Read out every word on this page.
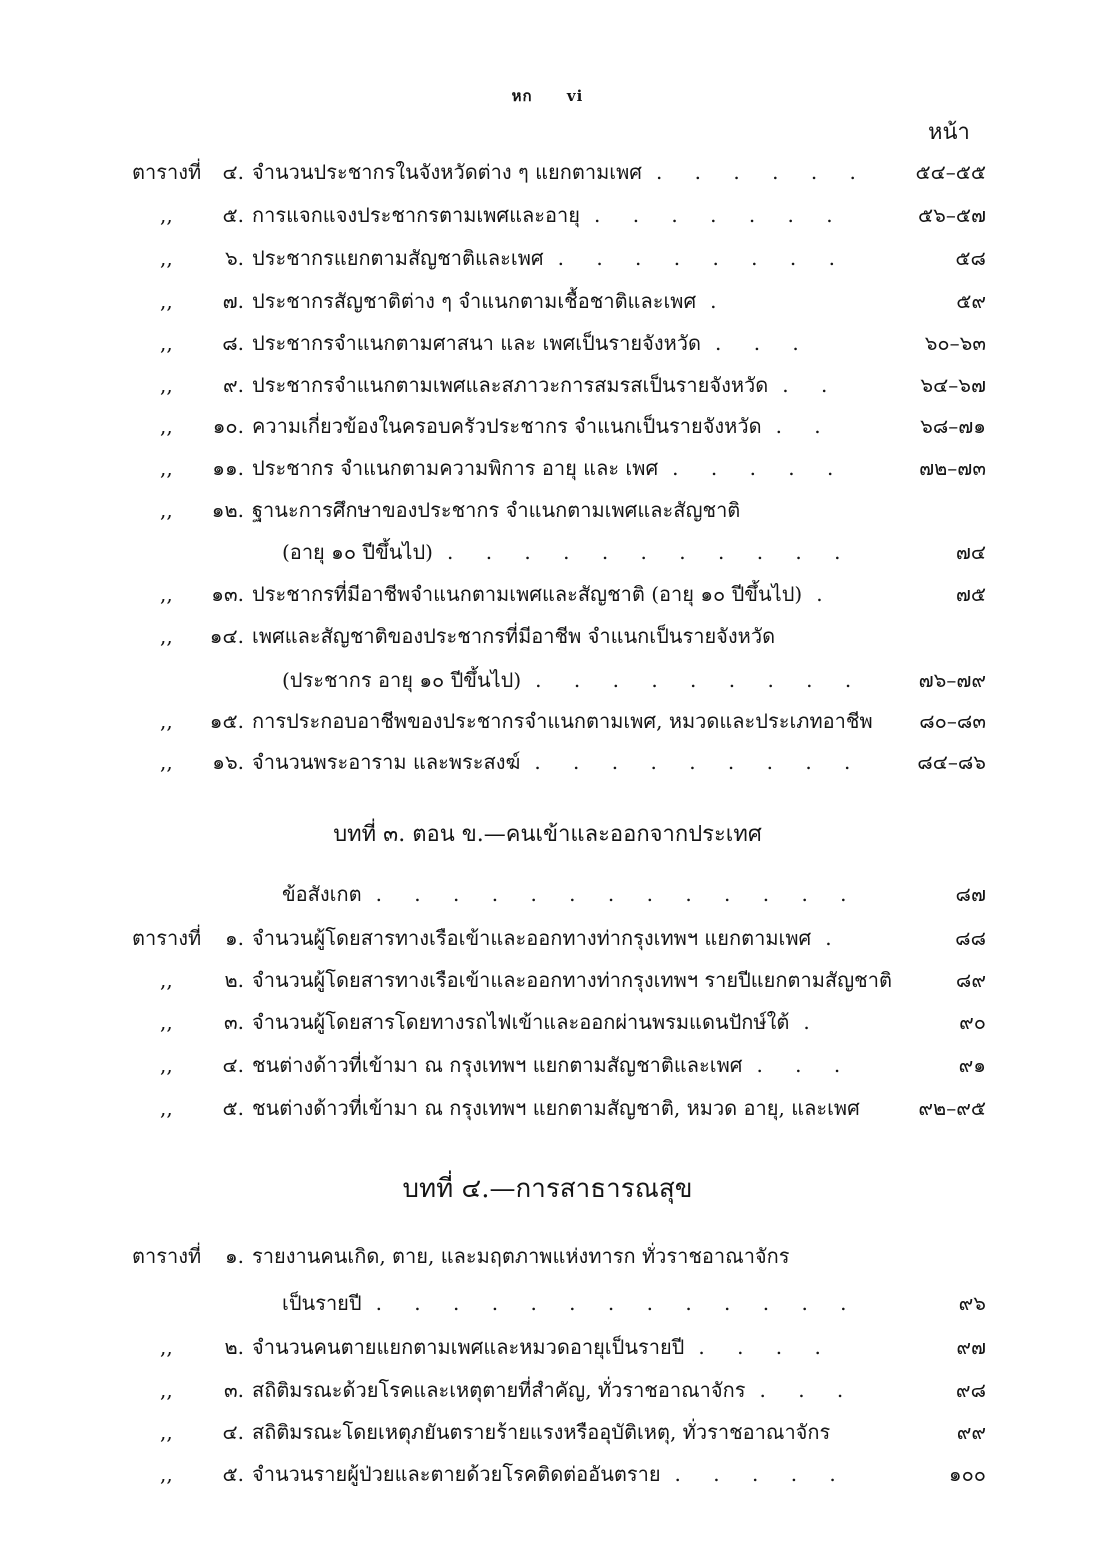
หก vi
หน้า
ตารางที่	๔. จำนวนประชากรในจังหวัดต่าง ๆ แยกตามเพศ . . . . . .	๕๔–๕๕
,,	๕. การแจกแจงประชากรตามเพศและอายุ . . . . . . .	๕๖–๕๗
,,	๖. ประชากรแยกตามสัญชาติและเพศ . . . . . . . .	๕๘
,,	๗. ประชากรสัญชาติต่าง ๆ จำแนกตามเชื้อชาติและเพศ .	๕๙
,,	๘. ประชากรจำแนกตามศาสนา และ เพศเป็นรายจังหวัด . . .	๖๐–๖๓
,,	๙. ประชากรจำแนกตามเพศและสภาวะการสมรสเป็นรายจังหวัด . .	๖๔–๖๗
,,	๑๐. ความเกี่ยวข้องในครอบครัวประชากร จำแนกเป็นรายจังหวัด . .	๖๘–๗๑
,,	๑๑. ประชากร จำแนกตามความพิการ อายุ และ เพศ . . . . .	๗๒–๗๓
,,	๑๒. ฐานะการศึกษาของประชากร จำแนกตามเพศและสัญชาติ
(อายุ ๑๐ ปีขึ้นไป) . . . . . . . . . . .	๗๔
,,	๑๓. ประชากรที่มีอาชีพจำแนกตามเพศและสัญชาติ (อายุ ๑๐ ปีขึ้นไป) .	๗๕
,,	๑๔. เพศและสัญชาติของประชากรที่มีอาชีพ จำแนกเป็นรายจังหวัด
(ประชากร อายุ ๑๐ ปีขึ้นไป) . . . . . . . . .	๗๖–๗๙
,,	๑๕. การประกอบอาชีพของประชากรจำแนกตามเพศ, หมวดและประเภทอาชีพ	๘๐–๘๓
,,	๑๖. จำนวนพระอาราม และพระสงฆ์ . . . . . . . . .	๘๔–๘๖
บทที่ ๓. ตอน ข.—คนเข้าและออกจากประเทศ
ข้อสังเกต . . . . . . . . . . . . .	๘๗
ตารางที่	๑. จำนวนผู้โดยสารทางเรือเข้าและออกทางท่ากรุงเทพฯ แยกตามเพศ .	๘๘
,,	๒. จำนวนผู้โดยสารทางเรือเข้าและออกทางท่ากรุงเทพฯ รายปีแยกตามสัญชาติ	๘๙
,,	๓. จำนวนผู้โดยสารโดยทางรถไฟเข้าและออกผ่านพรมแดนปักษ์ใต้ .	๙๐
,,	๔. ชนต่างด้าวที่เข้ามา ณ กรุงเทพฯ แยกตามสัญชาติและเพศ . . .	๙๑
,,	๕. ชนต่างด้าวที่เข้ามา ณ กรุงเทพฯ แยกตามสัญชาติ, หมวด อายุ, และเพศ	๙๒–๙๕
บทที่ ๔.—การสาธารณสุข
ตารางที่	๑. รายงานคนเกิด, ตาย, และมฤตภาพแห่งทารก ทั่วราชอาณาจักร
เป็นรายปี . . . . . . . . . . . . .	๙๖
,,	๒. จำนวนคนตายแยกตามเพศและหมวดอายุเป็นรายปี . . . .	๙๗
,,	๓. สถิติมรณะด้วยโรคและเหตุตายที่สำคัญ, ทั่วราชอาณาจักร . . .	๙๘
,,	๔. สถิติมรณะโดยเหตุภยันตรายร้ายแรงหรืออุบัติเหตุ, ทั่วราชอาณาจักร	๙๙
,,	๕. จำนวนรายผู้ป่วยและตายด้วยโรคติดต่ออันตราย . . . . .	๑๐๐
